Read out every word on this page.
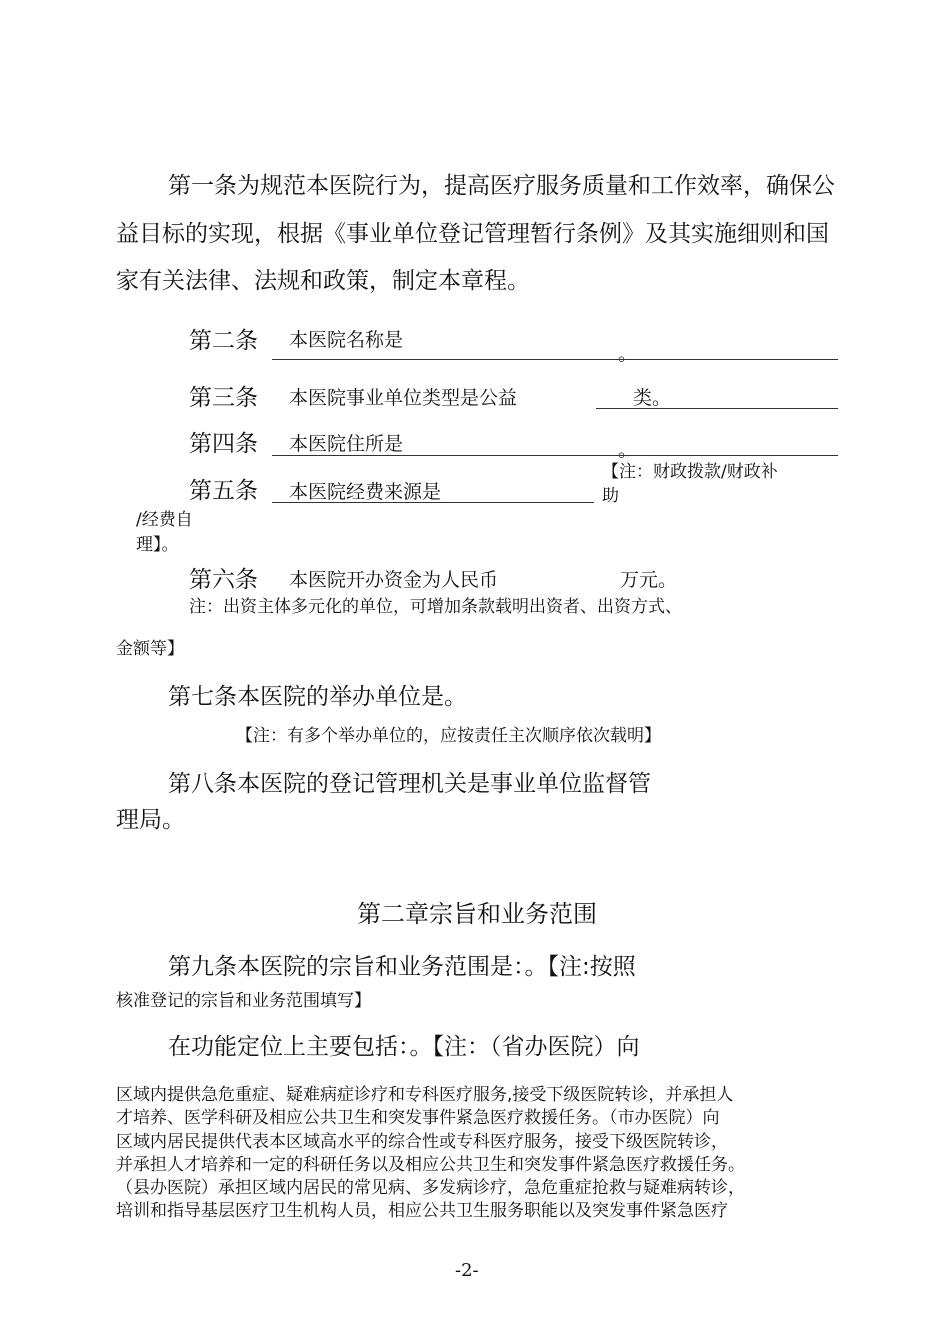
第一条为规范本医院行为，提高医疗服务质量和工作效率，确保公
益目标的实现，根据《事业单位登记管理暂行条例》及其实施细则和国
家有关法律、法规和政策，制定本章程。
第二条 本医院名称是
。
第三条 本医院事业单位类型是公益	类。
第四条 本医院住所是	。
第五条 本医院经费来源是
【注：财政拨款/财政补
助
/经费自
理】。
第六条 本医院开办资金为人民币	万元。
注：出资主体多元化的单位，可增加条款载明出资者、出资方式、
金额等】
第七条本医院的举办单位是。
【注：有多个举办单位的，应按责任主次顺序依次载明】
第八条本医院的登记管理机关是事业单位监督管
理局。
第二章宗旨和业务范围
第九条本医院的宗旨和业务范围是：。【注:按照
核准登记的宗旨和业务范围填写】
在功能定位上主要包括：。【注：（省办医院）向
区域内提供急危重症、疑难病症诊疗和专科医疗服务,接受下级医院转诊，并承担人
才培养、医学科研及相应公共卫生和突发事件紧急医疗救援任务。（市办医院）向
区域内居民提供代表本区域高水平的综合性或专科医疗服务，接受下级医院转诊，
并承担人才培养和一定的科研任务以及相应公共卫生和突发事件紧急医疗救援任务。
（县办医院）承担区域内居民的常见病、多发病诊疗，急危重症抢救与疑难病转诊，
培训和指导基层医疗卫生机构人员，相应公共卫生服务职能以及突发事件紧急医疗
-2-
